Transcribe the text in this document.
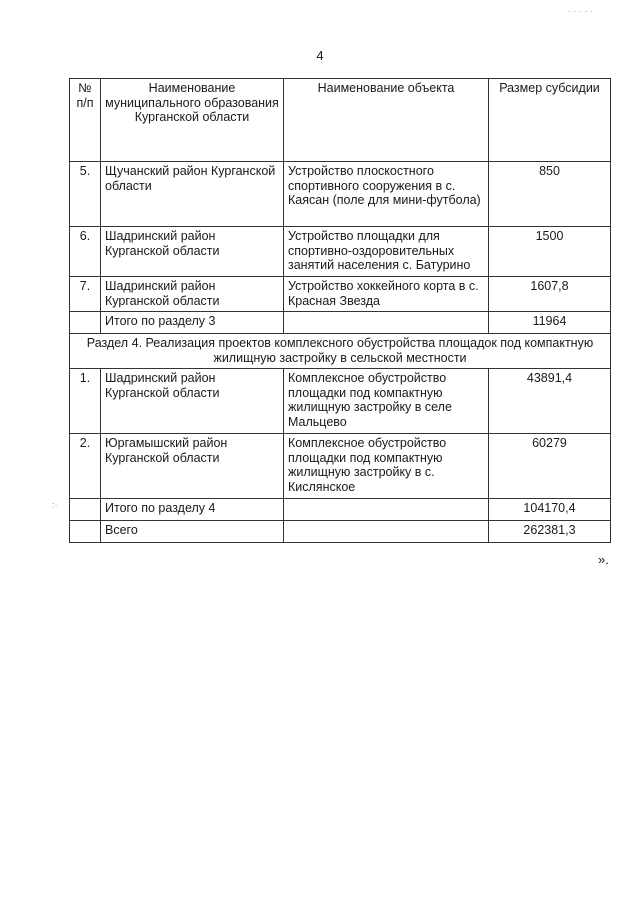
4
№ п/п	Наименование муниципального образования Курганской области	Наименование объекта	Размер субсидии
5.	Щучанский район Курганской области	Устройство плоскостного спортивного сооружения в с. Каясан (поле для мини-футбола)	850
6.	Шадринский район Курганской области	Устройство площадки для спортивно-оздоровительных занятий населения с. Батурино	1500
7.	Шадринский район Курганской области	Устройство хоккейного корта в с. Красная Звезда	1607,8
	Итого по разделу 3		11964
Раздел 4. Реализация проектов комплексного обустройства площадок под компактную жилищную застройку в сельской местности			
1.	Шадринский район Курганской области	Комплексное обустройство площадки под компактную жилищную застройку в селе Мальцево	43891,4
2.	Юргамышский район Курганской области	Комплексное обустройство площадки под компактную жилищную застройку в с. Кислянское	60279
	Итого по разделу 4		104170,4
	Всего		262381,3
».
· · · · ·
:·
